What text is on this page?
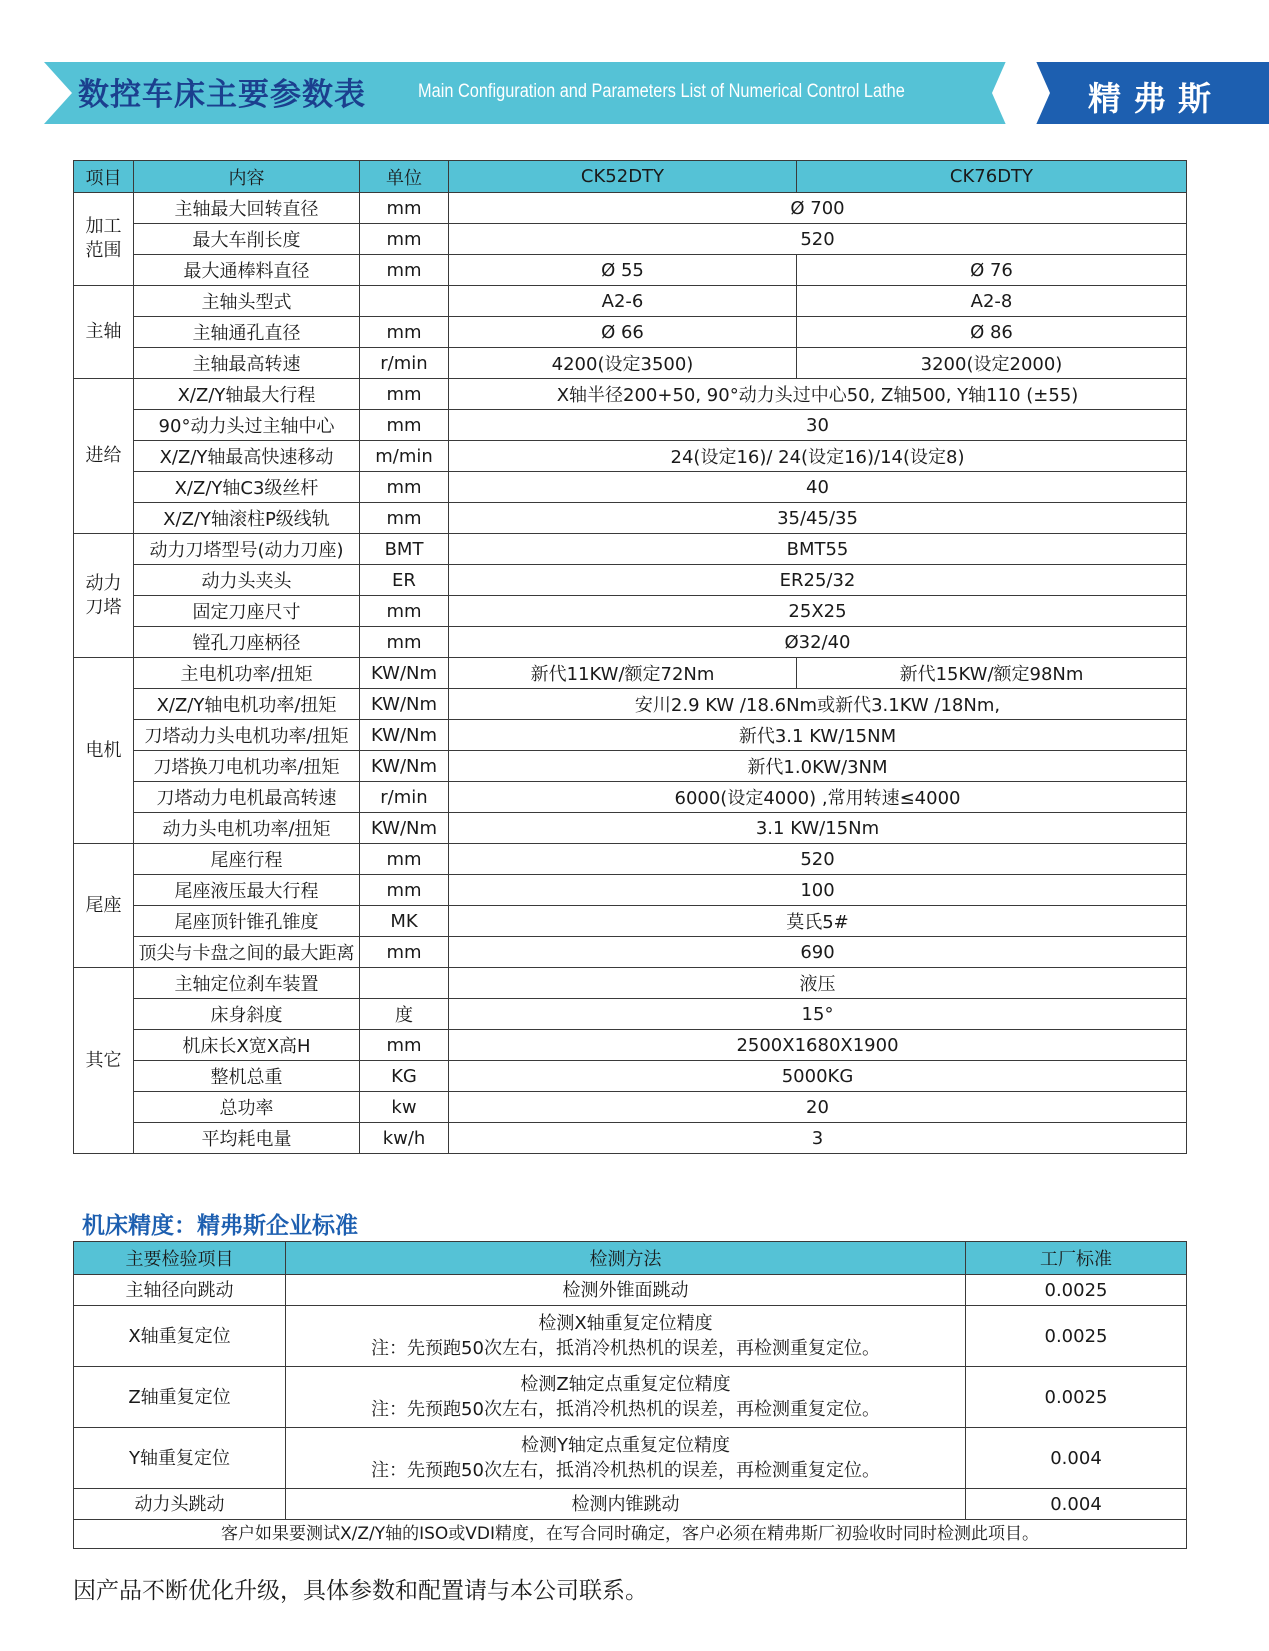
数控车床主要参数表	Main Configuration and Parameters List of Numerical Control Lathe	精弗斯
项目	内容	单位	CK52DTY	CK76DTY
加工范围	主轴最大回转直径	mm	Ø 700	
	最大车削长度	mm	520	
	最大通棒料直径	mm	Ø 55	Ø 76
主轴	主轴头型式		A2-6	A2-8
	主轴通孔直径	mm	Ø 66	Ø 86
	主轴最高转速	r/min	4200(设定3500)	3200(设定2000)
进给	X/Z/Y轴最大行程	mm	X轴半径200+50, 90°动力头过中心50, Z轴500, Y轴110 (±55)	
	90°动力头过主轴中心	mm	30	
	X/Z/Y轴最高快速移动	m/min	24(设定16)/ 24(设定16)/14(设定8)	
	X/Z/Y轴C3级丝杆	mm	40	
	X/Z/Y轴滚柱P级线轨	mm	35/45/35	
动力刀塔	动力刀塔型号(动力刀座)	BMT	BMT55	
	动力头夹头	ER	ER25/32	
	固定刀座尺寸	mm	25X25	
	镗孔刀座柄径	mm	Ø32/40	
电机	主电机功率/扭矩	KW/Nm	新代11KW/额定72Nm	新代15KW/额定98Nm
	X/Z/Y轴电机功率/扭矩	KW/Nm	安川2.9 KW /18.6Nm或新代3.1KW /18Nm,	
	刀塔动力头电机功率/扭矩	KW/Nm	新代3.1 KW/15NM	
	刀塔换刀电机功率/扭矩	KW/Nm	新代1.0KW/3NM	
	刀塔动力电机最高转速	r/min	6000(设定4000) ,常用转速≤4000	
	动力头电机功率/扭矩	KW/Nm	3.1 KW/15Nm	
尾座	尾座行程	mm	520	
	尾座液压最大行程	mm	100	
	尾座顶针锥孔锥度	MK	莫氏5#	
	顶尖与卡盘之间的最大距离	mm	690	
其它	主轴定位刹车装置		液压	
	床身斜度	度	15°	
	机床长X宽X高H	mm	2500X1680X1900	
	整机总重	KG	5000KG	
	总功率	kw	20	
	平均耗电量	kw/h	3	
机床精度：精弗斯企业标准
主要检验项目	检测方法	工厂标准
主轴径向跳动	检测外锥面跳动	0.0025
X轴重复定位	检测X轴重复定位精度
注：先预跑50次左右，抵消冷机热机的误差，再检测重复定位。	0.0025
Z轴重复定位	检测Z轴定点重复定位精度
注：先预跑50次左右，抵消冷机热机的误差，再检测重复定位。	0.0025
Y轴重复定位	检测Y轴定点重复定位精度
注：先预跑50次左右，抵消冷机热机的误差，再检测重复定位。	0.004
动力头跳动	检测内锥跳动	0.004
客户如果要测试X/Z/Y轴的ISO或VDI精度，在写合同时确定，客户必须在精弗斯厂初验收时同时检测此项目。		
因产品不断优化升级，具体参数和配置请与本公司联系。
